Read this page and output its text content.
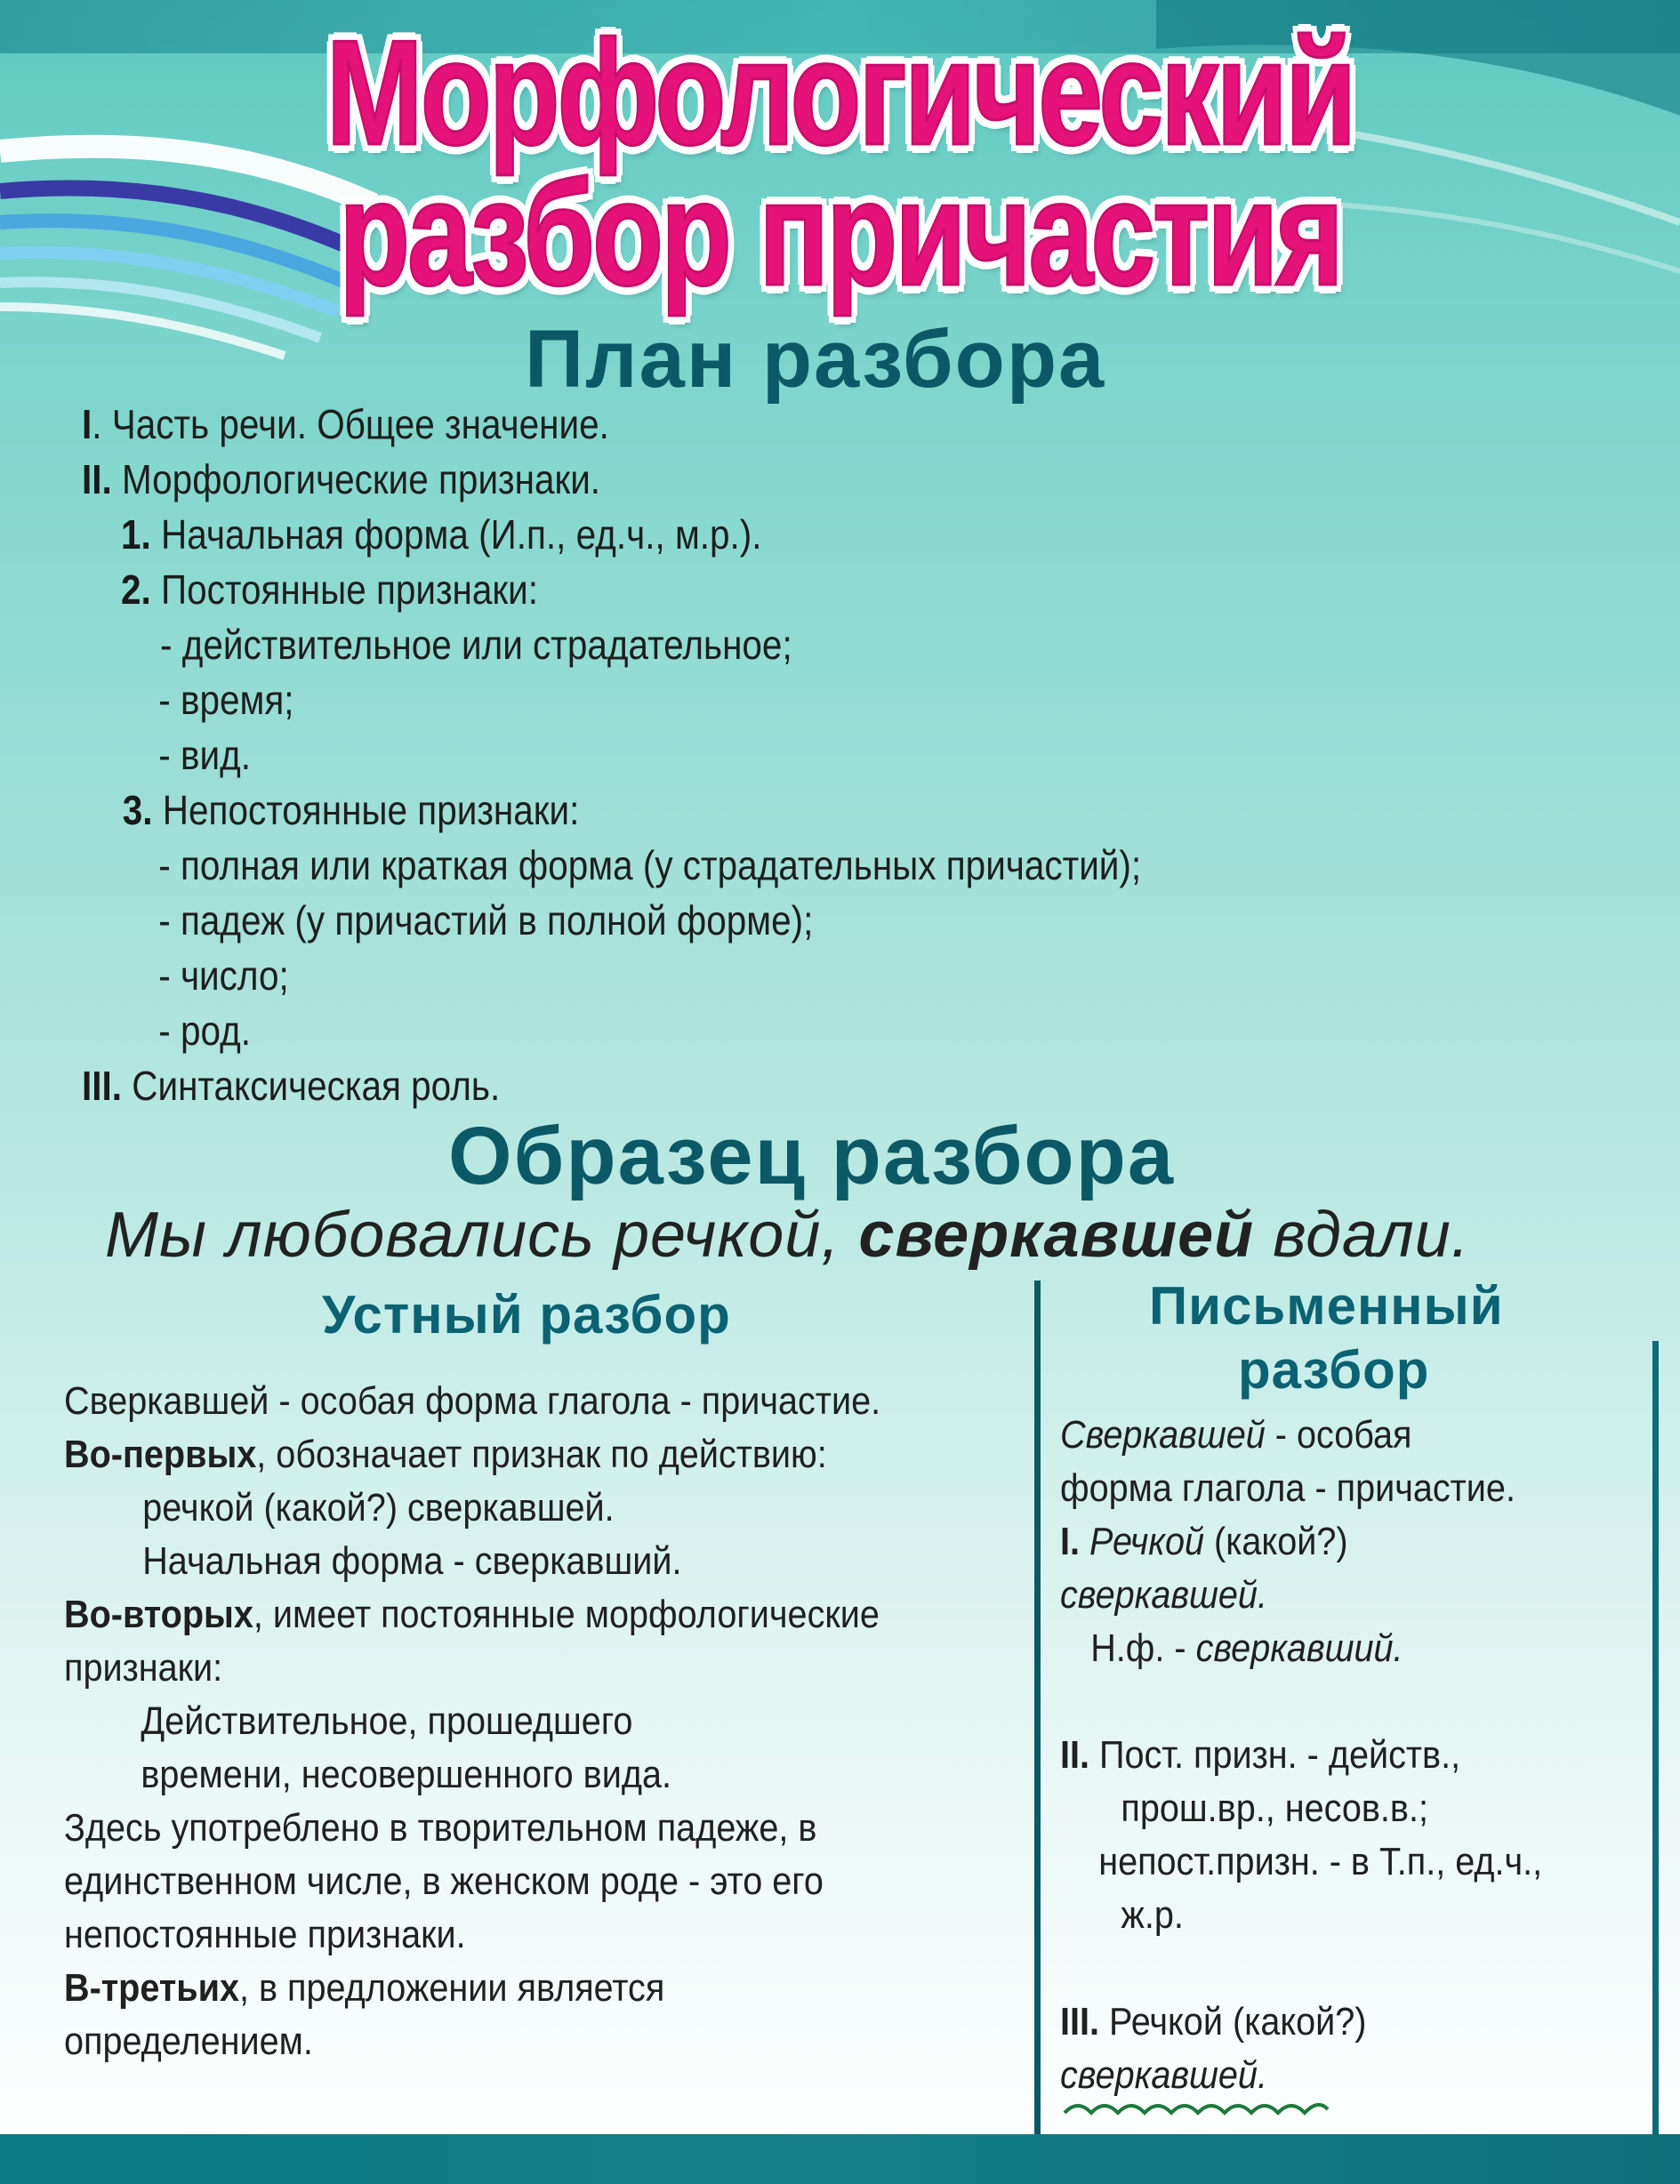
Морфологический
разбор причастия
План разбора
I. Часть речи. Общее значение.
II. Морфологические признаки.
1. Начальная форма (И.п., ед.ч., м.р.).
2. Постоянные признаки:
- действительное или страдательное;
- время;
- вид.
3. Непостоянные признаки:
- полная или краткая форма (у страдательных причастий);
- падеж (у причастий в полной форме);
- число;
- род.
III. Синтаксическая роль.
Образец разбора
Мы любовались речкой, сверкавшей вдали.
Устный разбор
Сверкавшей - особая форма глагола - причастие.
Во-первых, обозначает признак по действию:
речкой (какой?) сверкавшей.
Начальная форма - сверкавший.
Во-вторых, имеет постоянные морфологические
признаки:
Действительное, прошедшего
времени, несовершенного вида.
Здесь употреблено в творительном падеже, в
единственном числе, в женском роде - это его
непостоянные признаки.
В-третьих, в предложении является
определением.
Письменный
разбор
Сверкавшей - особая
форма глагола - причастие.
I. Речкой (какой?)
сверкавшей.
Н.ф. - сверкавший.
II. Пост. призн. - действ.,
прош.вр., несов.в.;
непост.призн. - в Т.п., ед.ч.,
ж.р.
III. Речкой (какой?)
сверкавшей.
